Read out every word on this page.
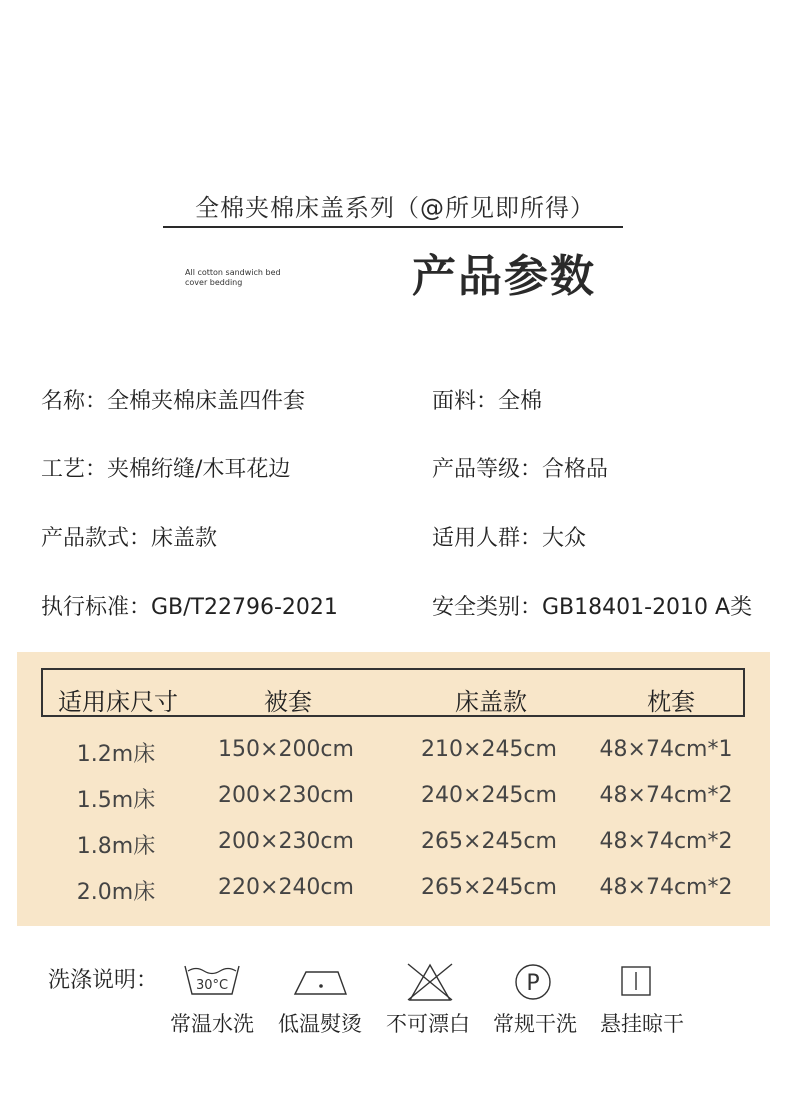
全棉夹棉床盖系列（@所见即所得）
All cotton sandwich bed cover bedding	产品参数
名称：全棉夹棉床盖四件套	面料：全棉
工艺：夹棉绗缝/木耳花边	产品等级：合格品
产品款式：床盖款	适用人群：大众
执行标准：GB/T22796-2021	安全类别：GB18401-2010 A类
适用床尺寸	被套	床盖款	枕套
1.2m床	150×200cm	210×245cm	48×74cm*1
1.5m床	200×230cm	240×245cm	48×74cm*2
1.8m床	200×230cm	265×245cm	48×74cm*2
2.0m床	220×240cm	265×245cm	48×74cm*2
洗涤说明：	30°C	P
常温水洗	低温熨烫	不可漂白	常规干洗	悬挂晾干
